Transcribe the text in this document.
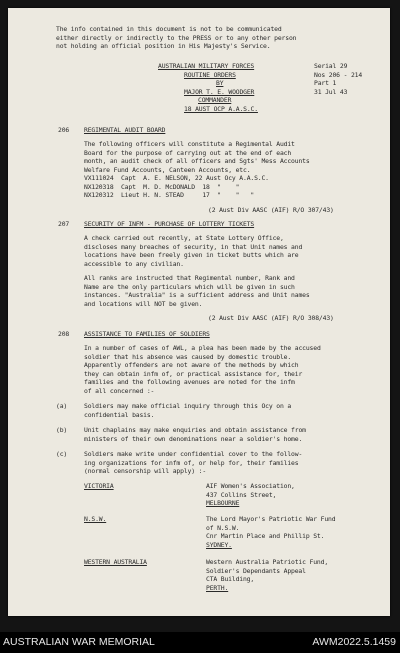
The info contained in this document is not to be communicated
either directly or indirectly to the PRESS or to any other person
not holding an official position in His Majesty's Service.
AUSTRALIAN MILITARY FORCES
ROUTINE ORDERS
BY
MAJOR T. E. WOODGER
COMMANDER
18 AUST OCP A.A.S.C.
Serial 29
Nos 206 - 214
Part 1
31 Jul 43
206 REGIMENTAL AUDIT BOARD
The following officers will constitute a Regimental Audit
Board for the purpose of carrying out at the end of each
month, an audit check of all officers and Sgts' Mess Accounts
Welfare Fund Accounts, Canteen Accounts, etc.
VX111024  Capt  A. E. NELSON, 22 Aust Ocy A.A.S.C.
NX120318  Capt  M. D. McDONALD  18  "    "
NX120312  Lieut H. N. STEAD     17  "    "   "
(2 Aust Div AASC (AIF) R/O 307/43)
207 SECURITY OF INFM - PURCHASE OF LOTTERY TICKETS
A check carried out recently, at State Lottery Office,
discloses many breaches of security, in that Unit names and
locations have been freely given in ticket butts which are
accessible to any civilian.
All ranks are instructed that Regimental number, Rank and
Name are the only particulars which will be given in such
instances. "Australia" is a sufficient address and Unit names
and locations will NOT be given.
(2 Aust Div AASC (AIF) R/O 308/43)
208 ASSISTANCE TO FAMILIES OF SOLDIERS
In a number of cases of AWL, a plea has been made by the accused
soldier that his absence was caused by domestic trouble.
Apparently offenders are not aware of the methods by which
they can obtain infm of, or practical assistance for, their
families and the following avenues are noted for the infm
of all concerned :-
(a)	Soldiers may make official inquiry through this Ocy on a
confidential basis.
(b)	Unit chaplains may make enquiries and obtain assistance from
ministers of their own denominations near a soldier's home.
(c)	Soldiers make write under confidential cover to the follow-
ing organizations for infm of, or help for, their families
(normal censorship will apply) :-
VICTORIA	AIF Women's Association,
437 Collins Street,
MELBOURNE
N.S.W.	The Lord Mayor's Patriotic War Fund
of N.S.W.
Cnr Martin Place and Phillip St.
SYDNEY.
WESTERN AUSTRALIA	Western Australia Patriotic Fund,
Soldier's Dependants Appeal
CTA Building,
PERTH.
AUSTRALIAN WAR MEMORIAL	AWM2022.5.1459
